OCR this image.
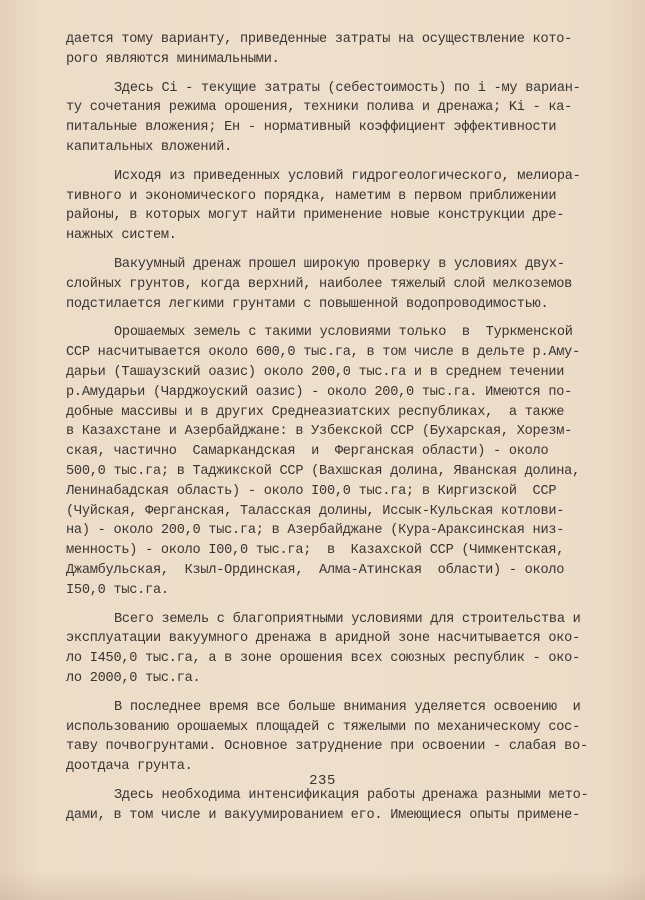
дается тому варианту, приведенные затраты на осуществление кото-
рого являются минимальными.

Здесь Ci - текущие затраты (себестоимость) по i -му вариан-
ту сочетания режима орошения, техники полива и дренажа; Ki - ка-
питальные вложения; Eн - нормативный коэффициент эффективности
капитальных вложений.

Исходя из приведенных условий гидрогеологического, мелиора-
тивного и экономического порядка, наметим в первом приближении
районы, в которых могут найти применение новые конструкции дре-
нажных систем.

Вакуумный дренаж прошел широкую проверку в условиях двух-
слойных грунтов, когда верхний, наиболее тяжелый слой мелкоземов
подстилается легкими грунтами с повышенной водопроводимостью.

Орошаемых земель с такими условиями только  в  Туркменской
ССР насчитывается около 600,0 тыс.га, в том числе в дельте р.Аму-
дарьи (Ташаузский оазис) около 200,0 тыс.га и в среднем течении
р.Амударьи (Чарджоуский оазис) - около 200,0 тыс.га. Имеются по-
добные массивы и в других Среднеазиатских республиках,  а также
в Казахстане и Азербайджане: в Узбекской ССР (Бухарская, Хорезм-
ская, частично  Самаркандская  и  Ферганская области) - около
500,0 тыс.га; в Таджикской ССР (Вахшская долина, Яванская долина,
Ленинабадская область) - около I00,0 тыс.га; в Киргизской  ССР
(Чуйская, Ферганская, Таласская долины, Иссык-Кульская котлови-
на) - около 200,0 тыс.га; в Азербайджане (Кура-Араксинская низ-
менность) - около I00,0 тыс.га;  в  Казахской ССР (Чимкентская,
Джамбульская,  Кзыл-Ординская,  Алма-Атинская  области) - около
I50,0 тыс.га.

Всего земель с благоприятными условиями для строительства и
эксплуатации вакуумного дренажа в аридной зоне насчитывается око-
ло I450,0 тыс.га, а в зоне орошения всех союзных республик - око-
ло 2000,0 тыс.га.

В последнее время все больше внимания уделяется освоению  и
использованию орошаемых площадей с тяжелыми по механическому сос-
таву почвогрунтами. Основное затруднение при освоении - слабая во-
доотдача грунта.

Здесь необходима интенсификация работы дренажа разными мето-
дами, в том числе и вакуумированием его. Имеющиеся опыты примене-

235
